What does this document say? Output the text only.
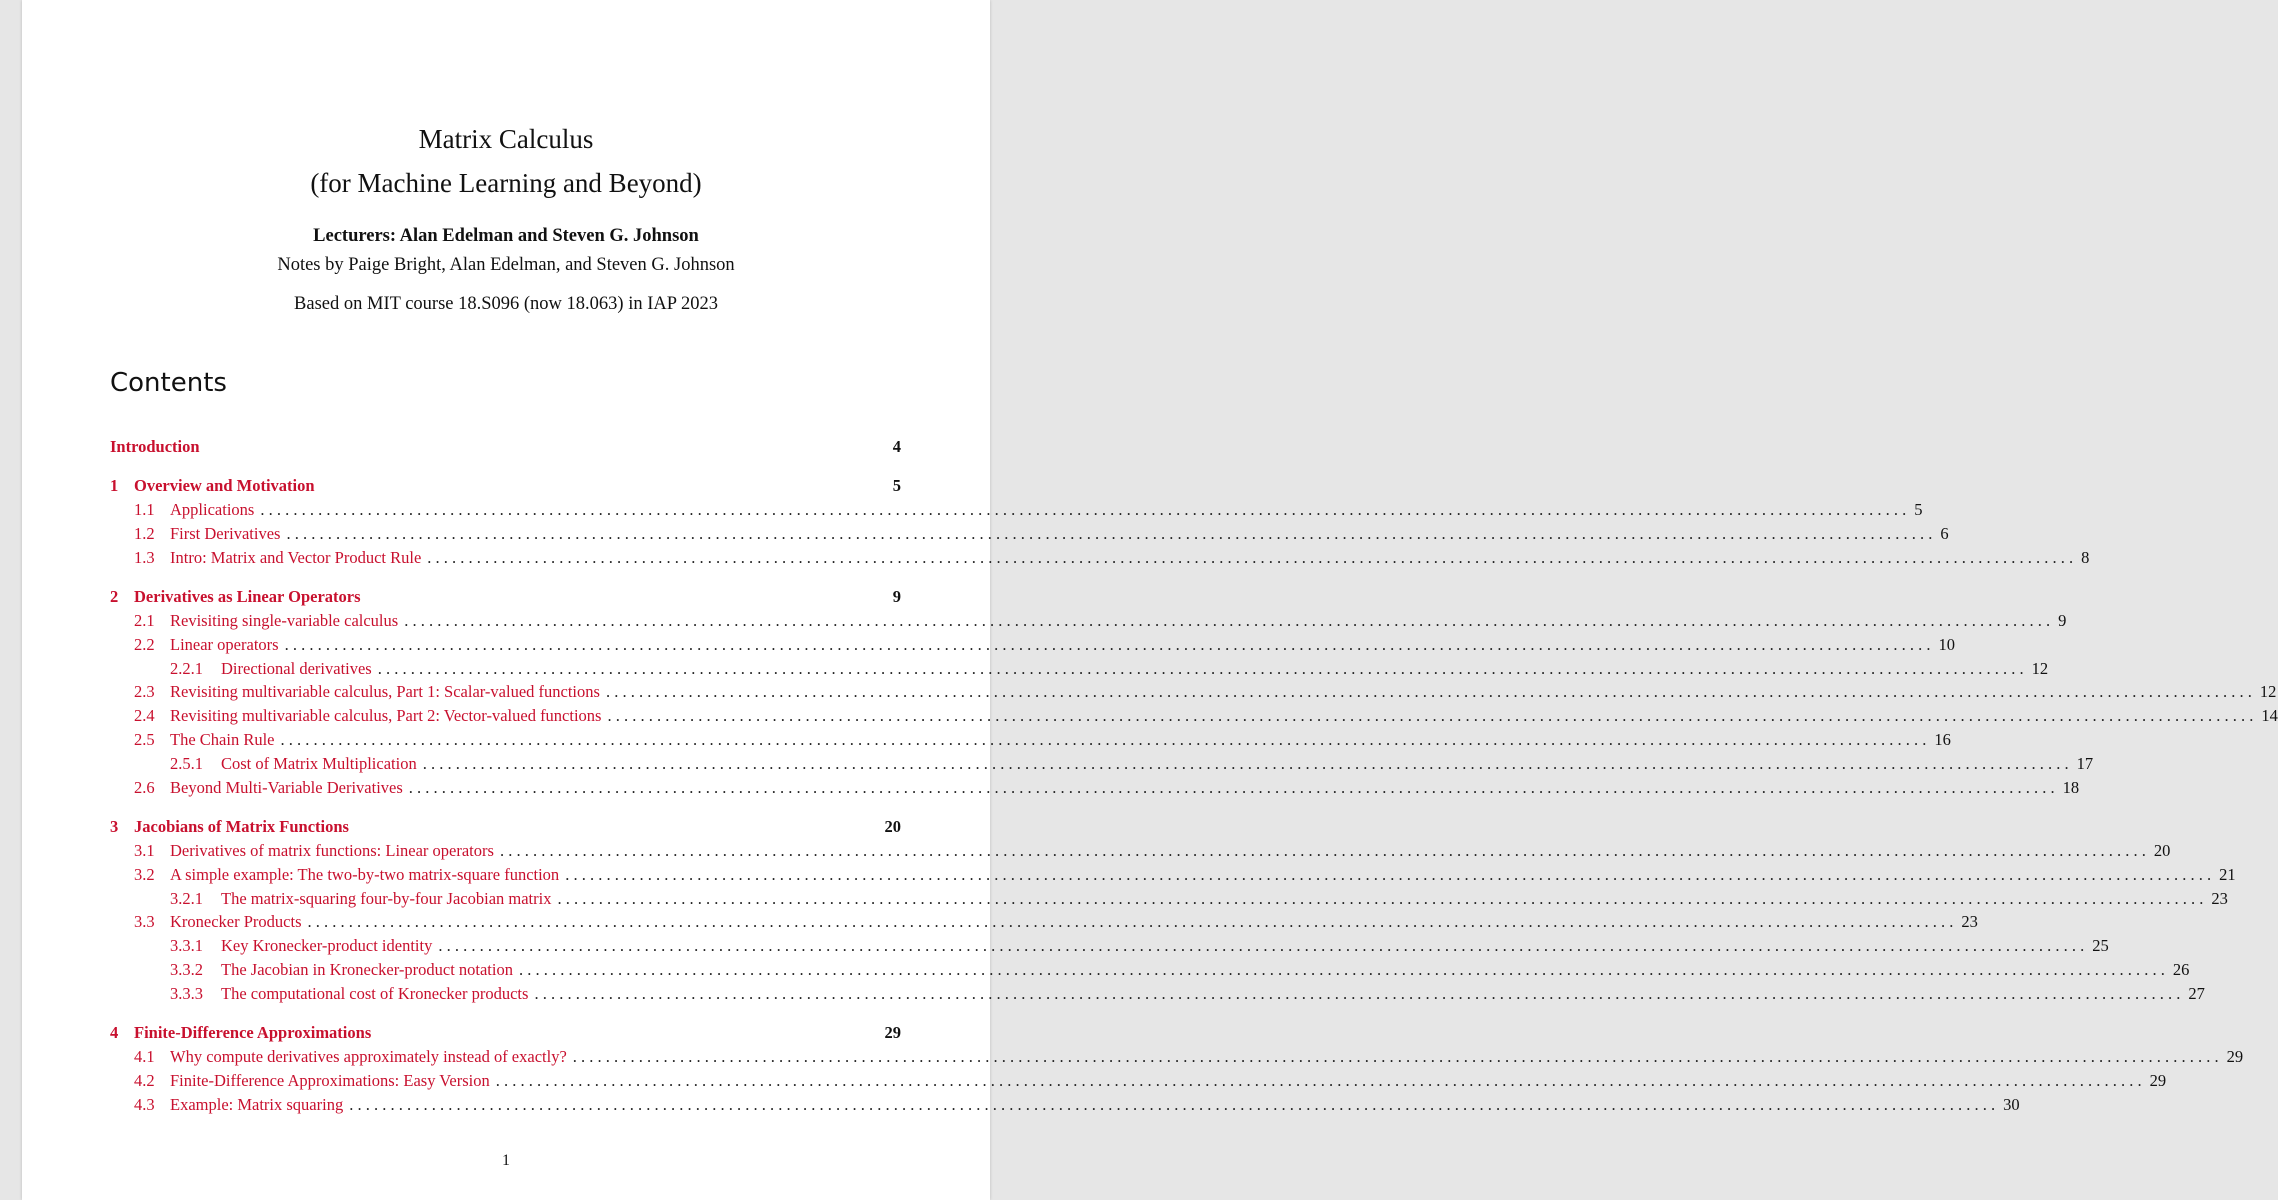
Matrix Calculus
(for Machine Learning and Beyond)
Lecturers: Alan Edelman and Steven G. Johnson
Notes by Paige Bright, Alan Edelman, and Steven G. Johnson
Based on MIT course 18.S096 (now 18.063) in IAP 2023
Contents
Introduction	4
1 Overview and Motivation	5
1.1 Applications . . . . . . . . . . . . . . . . . . . . . . . . . . . . . . . . . . . . . . . . . . . . . . . . . . . . . . . . . . . . . . . . . . . . . . . . . . . . . . . . . . . . . . . . . . . . . . . . . . . . . . . . . . . . . . . . . . . . . . . . . . . . . . . . . . . . . . . . . . . . . . . . . . . . . . . . . . . . . . . . . . . . . . . . . . . . . . . . . . . . . . . . . . . . . . . . . . . . . . . . 5
1.2 First Derivatives . . . . . . . . . . . . . . . . . . . . . . . . . . . . . . . . . . . . . . . . . . . . . . . . . . . . . . . . . . . . . . . . . . . . . . . . . . . . . . . . . . . . . . . . . . . . . . . . . . . . . . . . . . . . . . . . . . . . . . . . . . . . . . . . . . . . . . . . . . . . . . . . . . . . . . . . . . . . . . . . . . . . . . . . . . . . . . . . . . . . . . . . . . . . . . . . . . . . . . . . 6
1.3 Intro: Matrix and Vector Product Rule . . . . . . . . . . . . . . . . . . . . . . . . . . . . . . . . . . . . . . . . . . . . . . . . . . . . . . . . . . . . . . . . . . . . . . . . . . . . . . . . . . . . . . . . . . . . . . . . . . . . . . . . . . . . . . . . . . . . . . . . . . . . . . . . . . . . . . . . . . . . . . . . . . . . . . . . . . . . . . . . . . . . . . . . . . . . . . . . . . . . . . . . . . . . . . . . . . . . . . . . 8
2 Derivatives as Linear Operators	9
2.1 Revisiting single-variable calculus . . . . . . . . . . . . . . . . . . . . . . . . . . . . . . . . . . . . . . . . . . . . . . . . . . . . . . . . . . . . . . . . . . . . . . . . . . . . . . . . . . . . . . . . . . . . . . . . . . . . . . . . . . . . . . . . . . . . . . . . . . . . . . . . . . . . . . . . . . . . . . . . . . . . . . . . . . . . . . . . . . . . . . . . . . . . . . . . . . . . . . . . . . . . . . . . . . . . . . . . 9
2.2 Linear operators . . . . . . . . . . . . . . . . . . . . . . . . . . . . . . . . . . . . . . . . . . . . . . . . . . . . . . . . . . . . . . . . . . . . . . . . . . . . . . . . . . . . . . . . . . . . . . . . . . . . . . . . . . . . . . . . . . . . . . . . . . . . . . . . . . . . . . . . . . . . . . . . . . . . . . . . . . . . . . . . . . . . . . . . . . . . . . . . . . . . . . . . . . . . . . . . . . . . . . . . 10
2.2.1 Directional derivatives . . . . . . . . . . . . . . . . . . . . . . . . . . . . . . . . . . . . . . . . . . . . . . . . . . . . . . . . . . . . . . . . . . . . . . . . . . . . . . . . . . . . . . . . . . . . . . . . . . . . . . . . . . . . . . . . . . . . . . . . . . . . . . . . . . . . . . . . . . . . . . . . . . . . . . . . . . . . . . . . . . . . . . . . . . . . . . . . . . . . . . . . . . . . . . . . . . . . . . . . 12
2.3 Revisiting multivariable calculus, Part 1: Scalar-valued functions . . . . . . . . . . . . . . . . . . . . . . . . . . . . . . . . . . . . . . . . . . . . . . . . . . . . . . . . . . . . . . . . . . . . . . . . . . . . . . . . . . . . . . . . . . . . . . . . . . . . . . . . . . . . . . . . . . . . . . . . . . . . . . . . . . . . . . . . . . . . . . . . . . . . . . . . . . . . . . . . . . . . . . . . . . . . . . . . . . . . . . . . . . . . . . . . . . . . . . . . 12
2.4 Revisiting multivariable calculus, Part 2: Vector-valued functions . . . . . . . . . . . . . . . . . . . . . . . . . . . . . . . . . . . . . . . . . . . . . . . . . . . . . . . . . . . . . . . . . . . . . . . . . . . . . . . . . . . . . . . . . . . . . . . . . . . . . . . . . . . . . . . . . . . . . . . . . . . . . . . . . . . . . . . . . . . . . . . . . . . . . . . . . . . . . . . . . . . . . . . . . . . . . . . . . . . . . . . . . . . . . . . . . . . . . . . . 14
2.5 The Chain Rule . . . . . . . . . . . . . . . . . . . . . . . . . . . . . . . . . . . . . . . . . . . . . . . . . . . . . . . . . . . . . . . . . . . . . . . . . . . . . . . . . . . . . . . . . . . . . . . . . . . . . . . . . . . . . . . . . . . . . . . . . . . . . . . . . . . . . . . . . . . . . . . . . . . . . . . . . . . . . . . . . . . . . . . . . . . . . . . . . . . . . . . . . . . . . . . . . . . . . . . . 16
2.5.1 Cost of Matrix Multiplication . . . . . . . . . . . . . . . . . . . . . . . . . . . . . . . . . . . . . . . . . . . . . . . . . . . . . . . . . . . . . . . . . . . . . . . . . . . . . . . . . . . . . . . . . . . . . . . . . . . . . . . . . . . . . . . . . . . . . . . . . . . . . . . . . . . . . . . . . . . . . . . . . . . . . . . . . . . . . . . . . . . . . . . . . . . . . . . . . . . . . . . . . . . . . . . . . . . . . . . . 17
2.6 Beyond Multi-Variable Derivatives . . . . . . . . . . . . . . . . . . . . . . . . . . . . . . . . . . . . . . . . . . . . . . . . . . . . . . . . . . . . . . . . . . . . . . . . . . . . . . . . . . . . . . . . . . . . . . . . . . . . . . . . . . . . . . . . . . . . . . . . . . . . . . . . . . . . . . . . . . . . . . . . . . . . . . . . . . . . . . . . . . . . . . . . . . . . . . . . . . . . . . . . . . . . . . . . . . . . . . . . 18
3 Jacobians of Matrix Functions	20
3.1 Derivatives of matrix functions: Linear operators . . . . . . . . . . . . . . . . . . . . . . . . . . . . . . . . . . . . . . . . . . . . . . . . . . . . . . . . . . . . . . . . . . . . . . . . . . . . . . . . . . . . . . . . . . . . . . . . . . . . . . . . . . . . . . . . . . . . . . . . . . . . . . . . . . . . . . . . . . . . . . . . . . . . . . . . . . . . . . . . . . . . . . . . . . . . . . . . . . . . . . . . . . . . . . . . . . . . . . . . 20
3.2 A simple example: The two-by-two matrix-square function . . . . . . . . . . . . . . . . . . . . . . . . . . . . . . . . . . . . . . . . . . . . . . . . . . . . . . . . . . . . . . . . . . . . . . . . . . . . . . . . . . . . . . . . . . . . . . . . . . . . . . . . . . . . . . . . . . . . . . . . . . . . . . . . . . . . . . . . . . . . . . . . . . . . . . . . . . . . . . . . . . . . . . . . . . . . . . . . . . . . . . . . . . . . . . . . . . . . . . . . 21
3.2.1 The matrix-squaring four-by-four Jacobian matrix . . . . . . . . . . . . . . . . . . . . . . . . . . . . . . . . . . . . . . . . . . . . . . . . . . . . . . . . . . . . . . . . . . . . . . . . . . . . . . . . . . . . . . . . . . . . . . . . . . . . . . . . . . . . . . . . . . . . . . . . . . . . . . . . . . . . . . . . . . . . . . . . . . . . . . . . . . . . . . . . . . . . . . . . . . . . . . . . . . . . . . . . . . . . . . . . . . . . . . . . 23
3.3 Kronecker Products . . . . . . . . . . . . . . . . . . . . . . . . . . . . . . . . . . . . . . . . . . . . . . . . . . . . . . . . . . . . . . . . . . . . . . . . . . . . . . . . . . . . . . . . . . . . . . . . . . . . . . . . . . . . . . . . . . . . . . . . . . . . . . . . . . . . . . . . . . . . . . . . . . . . . . . . . . . . . . . . . . . . . . . . . . . . . . . . . . . . . . . . . . . . . . . . . . . . . . . . 23
3.3.1 Key Kronecker-product identity . . . . . . . . . . . . . . . . . . . . . . . . . . . . . . . . . . . . . . . . . . . . . . . . . . . . . . . . . . . . . . . . . . . . . . . . . . . . . . . . . . . . . . . . . . . . . . . . . . . . . . . . . . . . . . . . . . . . . . . . . . . . . . . . . . . . . . . . . . . . . . . . . . . . . . . . . . . . . . . . . . . . . . . . . . . . . . . . . . . . . . . . . . . . . . . . . . . . . . . . 25
3.3.2 The Jacobian in Kronecker-product notation . . . . . . . . . . . . . . . . . . . . . . . . . . . . . . . . . . . . . . . . . . . . . . . . . . . . . . . . . . . . . . . . . . . . . . . . . . . . . . . . . . . . . . . . . . . . . . . . . . . . . . . . . . . . . . . . . . . . . . . . . . . . . . . . . . . . . . . . . . . . . . . . . . . . . . . . . . . . . . . . . . . . . . . . . . . . . . . . . . . . . . . . . . . . . . . . . . . . . . . . 26
3.3.3 The computational cost of Kronecker products . . . . . . . . . . . . . . . . . . . . . . . . . . . . . . . . . . . . . . . . . . . . . . . . . . . . . . . . . . . . . . . . . . . . . . . . . . . . . . . . . . . . . . . . . . . . . . . . . . . . . . . . . . . . . . . . . . . . . . . . . . . . . . . . . . . . . . . . . . . . . . . . . . . . . . . . . . . . . . . . . . . . . . . . . . . . . . . . . . . . . . . . . . . . . . . . . . . . . . . . 27
4 Finite-Difference Approximations	29
4.1 Why compute derivatives approximately instead of exactly? . . . . . . . . . . . . . . . . . . . . . . . . . . . . . . . . . . . . . . . . . . . . . . . . . . . . . . . . . . . . . . . . . . . . . . . . . . . . . . . . . . . . . . . . . . . . . . . . . . . . . . . . . . . . . . . . . . . . . . . . . . . . . . . . . . . . . . . . . . . . . . . . . . . . . . . . . . . . . . . . . . . . . . . . . . . . . . . . . . . . . . . . . . . . . . . . . . . . . . . . 29
4.2 Finite-Difference Approximations: Easy Version . . . . . . . . . . . . . . . . . . . . . . . . . . . . . . . . . . . . . . . . . . . . . . . . . . . . . . . . . . . . . . . . . . . . . . . . . . . . . . . . . . . . . . . . . . . . . . . . . . . . . . . . . . . . . . . . . . . . . . . . . . . . . . . . . . . . . . . . . . . . . . . . . . . . . . . . . . . . . . . . . . . . . . . . . . . . . . . . . . . . . . . . . . . . . . . . . . . . . . . . 29
4.3 Example: Matrix squaring . . . . . . . . . . . . . . . . . . . . . . . . . . . . . . . . . . . . . . . . . . . . . . . . . . . . . . . . . . . . . . . . . . . . . . . . . . . . . . . . . . . . . . . . . . . . . . . . . . . . . . . . . . . . . . . . . . . . . . . . . . . . . . . . . . . . . . . . . . . . . . . . . . . . . . . . . . . . . . . . . . . . . . . . . . . . . . . . . . . . . . . . . . . . . . . . . . . . . . . . 30
1
